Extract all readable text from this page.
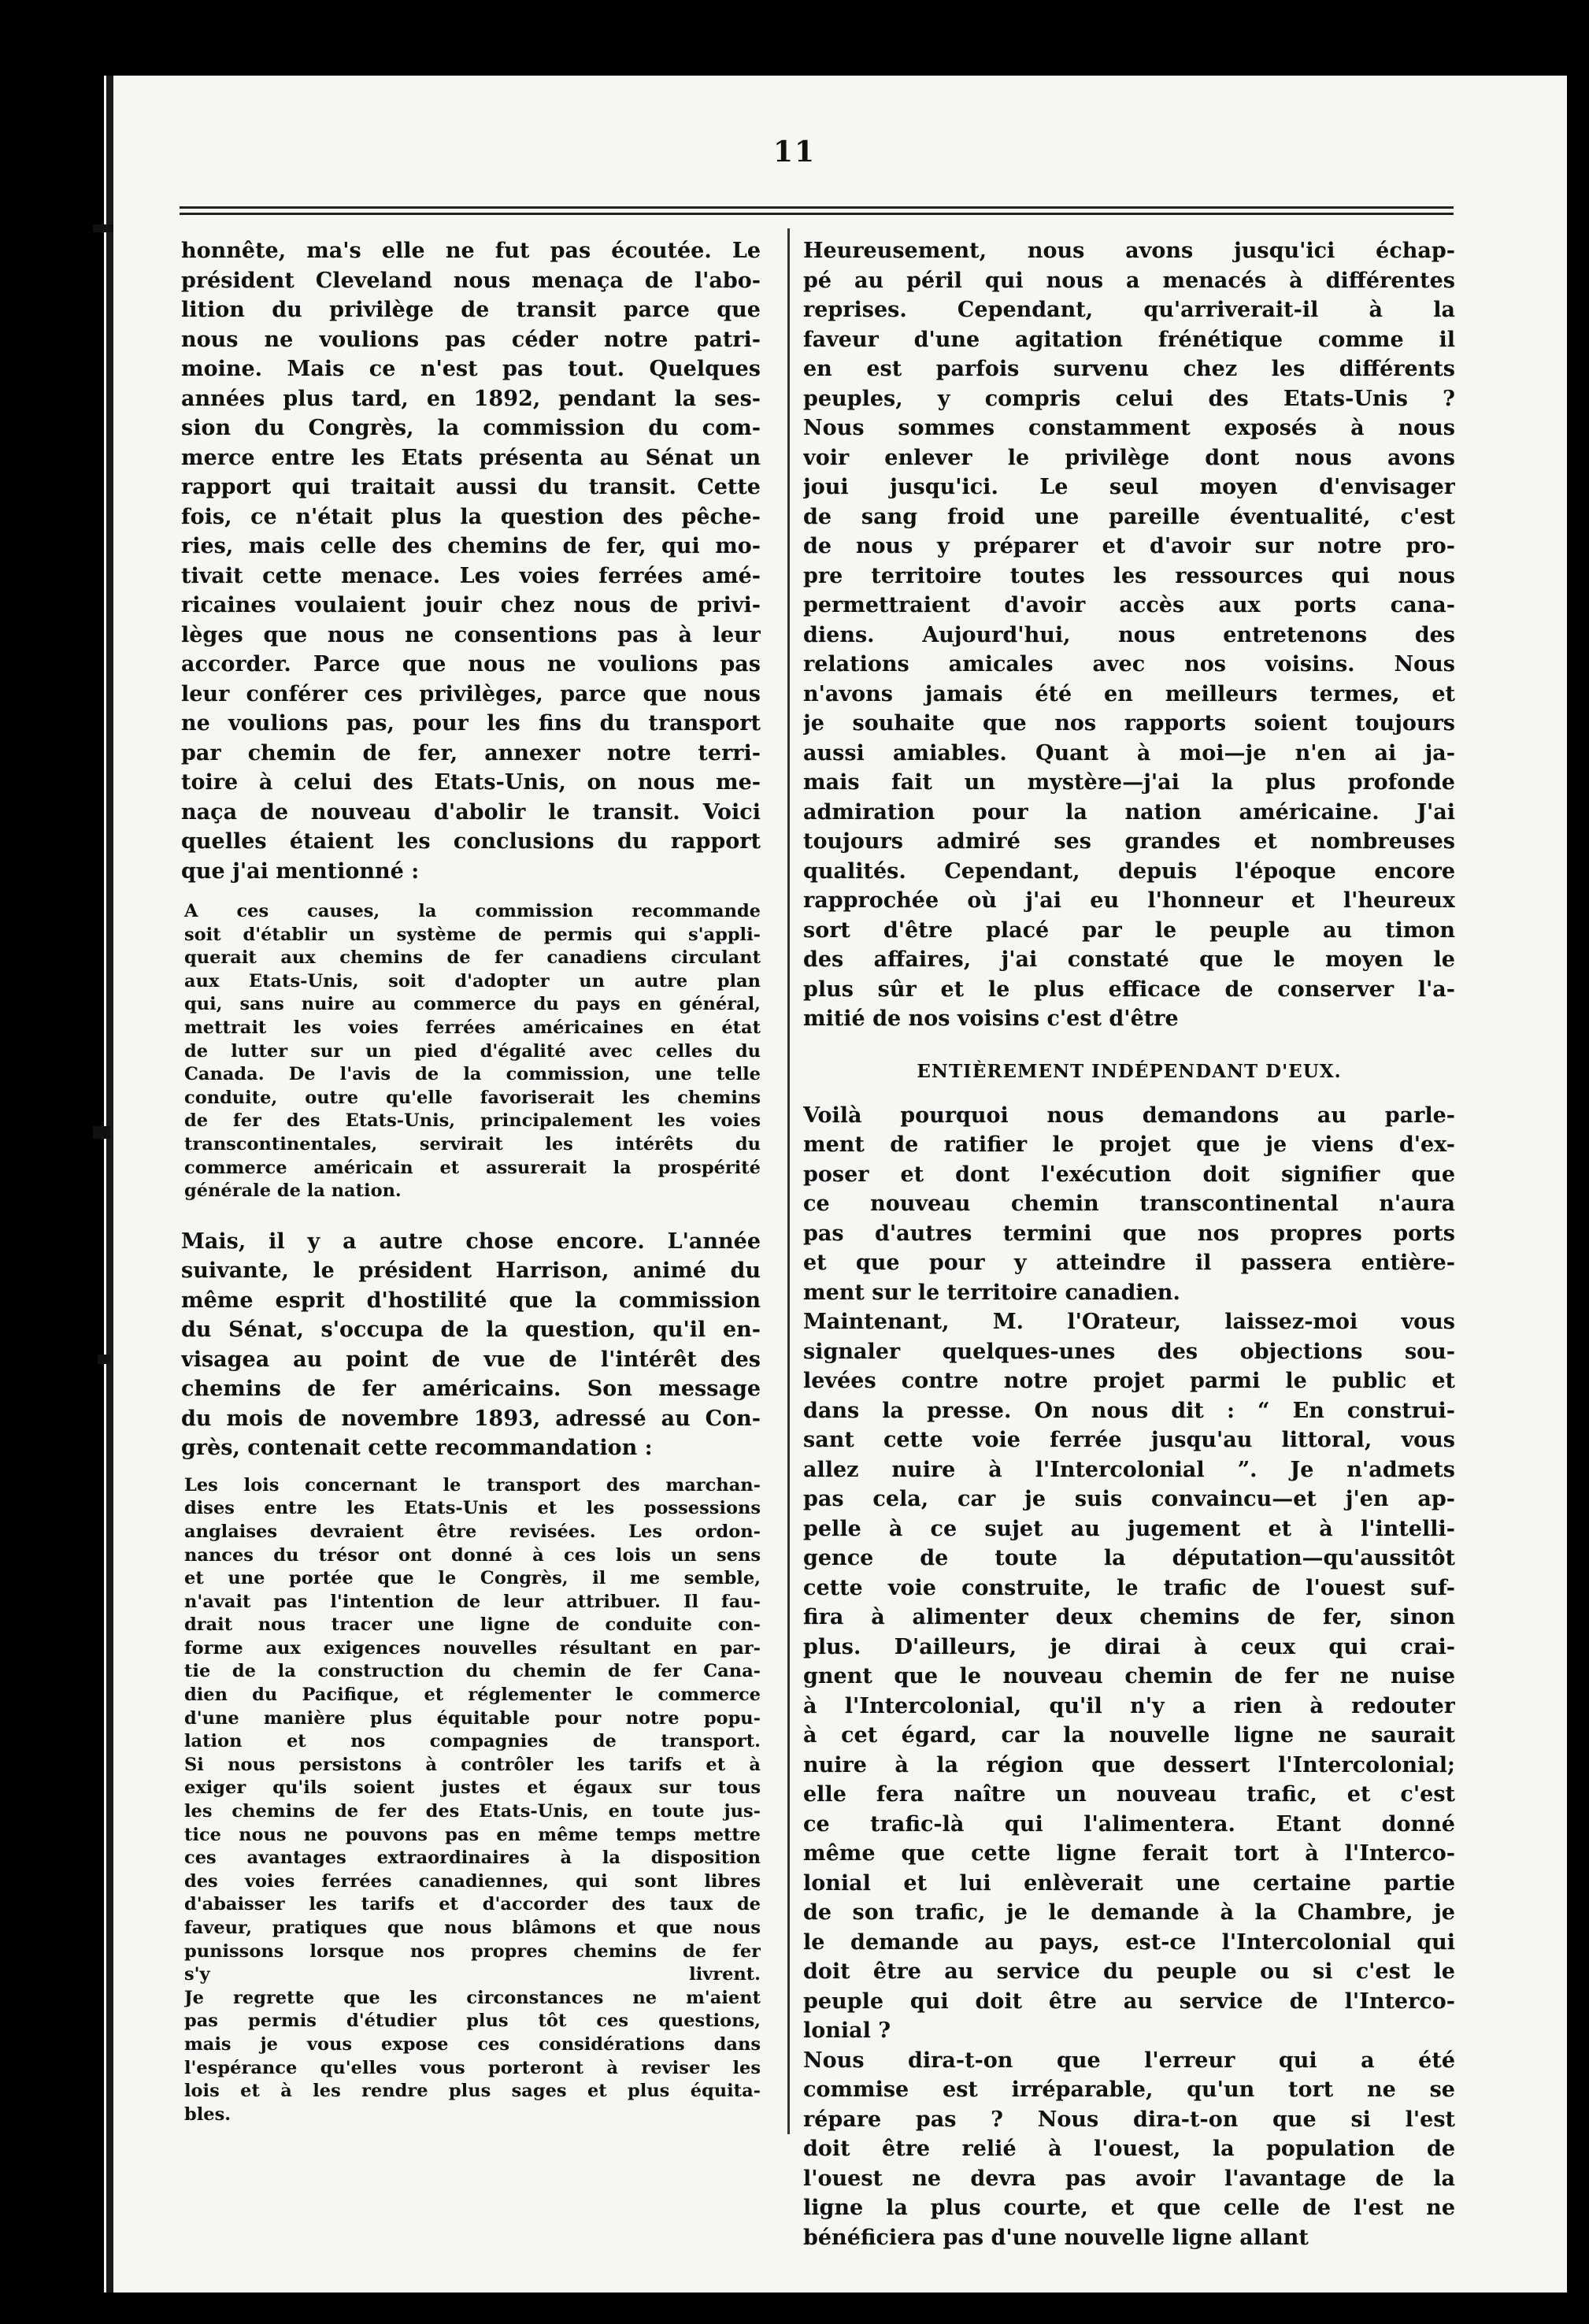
11
honnête, ma's elle ne fut pas écoutée. Le
président Cleveland nous menaça de l'abo-
lition du privilège de transit parce que
nous ne voulions pas céder notre patri-
moine. Mais ce n'est pas tout. Quelques
années plus tard, en 1892, pendant la ses-
sion du Congrès, la commission du com-
merce entre les Etats présenta au Sénat un
rapport qui traitait aussi du transit. Cette
fois, ce n'était plus la question des pêche-
ries, mais celle des chemins de fer, qui mo-
tivait cette menace. Les voies ferrées amé-
ricaines voulaient jouir chez nous de privi-
lèges que nous ne consentions pas à leur
accorder. Parce que nous ne voulions pas
leur conférer ces privilèges, parce que nous
ne voulions pas, pour les fins du transport
par chemin de fer, annexer notre terri-
toire à celui des Etats-Unis, on nous me-
naça de nouveau d'abolir le transit. Voici
quelles étaient les conclusions du rapport
que j'ai mentionné :
A ces causes, la commission recommande
soit d'établir un système de permis qui s'appli-
querait aux chemins de fer canadiens circulant
aux Etats-Unis, soit d'adopter un autre plan
qui, sans nuire au commerce du pays en général,
mettrait les voies ferrées américaines en état
de lutter sur un pied d'égalité avec celles du
Canada. De l'avis de la commission, une telle
conduite, outre qu'elle favoriserait les chemins
de fer des Etats-Unis, principalement les voies
transcontinentales, servirait les intérêts du
commerce américain et assurerait la prospérité
générale de la nation.
Mais, il y a autre chose encore. L'année
suivante, le président Harrison, animé du
même esprit d'hostilité que la commission
du Sénat, s'occupa de la question, qu'il en-
visagea au point de vue de l'intérêt des
chemins de fer américains. Son message
du mois de novembre 1893, adressé au Con-
grès, contenait cette recommandation :
Les lois concernant le transport des marchan-
dises entre les Etats-Unis et les possessions
anglaises devraient être revisées. Les ordon-
nances du trésor ont donné à ces lois un sens
et une portée que le Congrès, il me semble,
n'avait pas l'intention de leur attribuer. Il fau-
drait nous tracer une ligne de conduite con-
forme aux exigences nouvelles résultant en par-
tie de la construction du chemin de fer Cana-
dien du Pacifique, et réglementer le commerce
d'une manière plus équitable pour notre popu-
lation et nos compagnies de transport.
Si nous persistons à contrôler les tarifs et à
exiger qu'ils soient justes et égaux sur tous
les chemins de fer des Etats-Unis, en toute jus-
tice nous ne pouvons pas en même temps mettre
ces avantages extraordinaires à la disposition
des voies ferrées canadiennes, qui sont libres
d'abaisser les tarifs et d'accorder des taux de
faveur, pratiques que nous blâmons et que nous
punissons lorsque nos propres chemins de fer
s'y livrent.
Je regrette que les circonstances ne m'aient
pas permis d'étudier plus tôt ces questions,
mais je vous expose ces considérations dans
l'espérance qu'elles vous porteront à reviser les
lois et à les rendre plus sages et plus équita-
bles.
Heureusement, nous avons jusqu'ici échap-
pé au péril qui nous a menacés à différentes
reprises. Cependant, qu'arriverait-il à la
faveur d'une agitation frénétique comme il
en est parfois survenu chez les différents
peuples, y compris celui des Etats-Unis ?
Nous sommes constamment exposés à nous
voir enlever le privilège dont nous avons
joui jusqu'ici. Le seul moyen d'envisager
de sang froid une pareille éventualité, c'est
de nous y préparer et d'avoir sur notre pro-
pre territoire toutes les ressources qui nous
permettraient d'avoir accès aux ports cana-
diens. Aujourd'hui, nous entretenons des
relations amicales avec nos voisins. Nous
n'avons jamais été en meilleurs termes, et
je souhaite que nos rapports soient toujours
aussi amiables. Quant à moi—je n'en ai ja-
mais fait un mystère—j'ai la plus profonde
admiration pour la nation américaine. J'ai
toujours admiré ses grandes et nombreuses
qualités. Cependant, depuis l'époque encore
rapprochée où j'ai eu l'honneur et l'heureux
sort d'être placé par le peuple au timon
des affaires, j'ai constaté que le moyen le
plus sûr et le plus efficace de conserver l'a-
mitié de nos voisins c'est d'être
ENTIÈREMENT INDÉPENDANT D'EUX.
Voilà pourquoi nous demandons au parle-
ment de ratifier le projet que je viens d'ex-
poser et dont l'exécution doit signifier que
ce nouveau chemin transcontinental n'aura
pas d'autres termini que nos propres ports
et que pour y atteindre il passera entière-
ment sur le territoire canadien.
Maintenant, M. l'Orateur, laissez-moi vous
signaler quelques-unes des objections sou-
levées contre notre projet parmi le public et
dans la presse. On nous dit : “ En construi-
sant cette voie ferrée jusqu'au littoral, vous
allez nuire à l'Intercolonial ”. Je n'admets
pas cela, car je suis convaincu—et j'en ap-
pelle à ce sujet au jugement et à l'intelli-
gence de toute la députation—qu'aussitôt
cette voie construite, le trafic de l'ouest suf-
fira à alimenter deux chemins de fer, sinon
plus. D'ailleurs, je dirai à ceux qui crai-
gnent que le nouveau chemin de fer ne nuise
à l'Intercolonial, qu'il n'y a rien à redouter
à cet égard, car la nouvelle ligne ne saurait
nuire à la région que dessert l'Intercolonial;
elle fera naître un nouveau trafic, et c'est
ce trafic-là qui l'alimentera. Etant donné
même que cette ligne ferait tort à l'Interco-
lonial et lui enlèverait une certaine partie
de son trafic, je le demande à la Chambre, je
le demande au pays, est-ce l'Intercolonial qui
doit être au service du peuple ou si c'est le
peuple qui doit être au service de l'Interco-
lonial ?
Nous dira-t-on que l'erreur qui a été
commise est irréparable, qu'un tort ne se
répare pas ? Nous dira-t-on que si l'est
doit être relié à l'ouest, la population de
l'ouest ne devra pas avoir l'avantage de la
ligne la plus courte, et que celle de l'est ne
bénéficiera pas d'une nouvelle ligne allant
